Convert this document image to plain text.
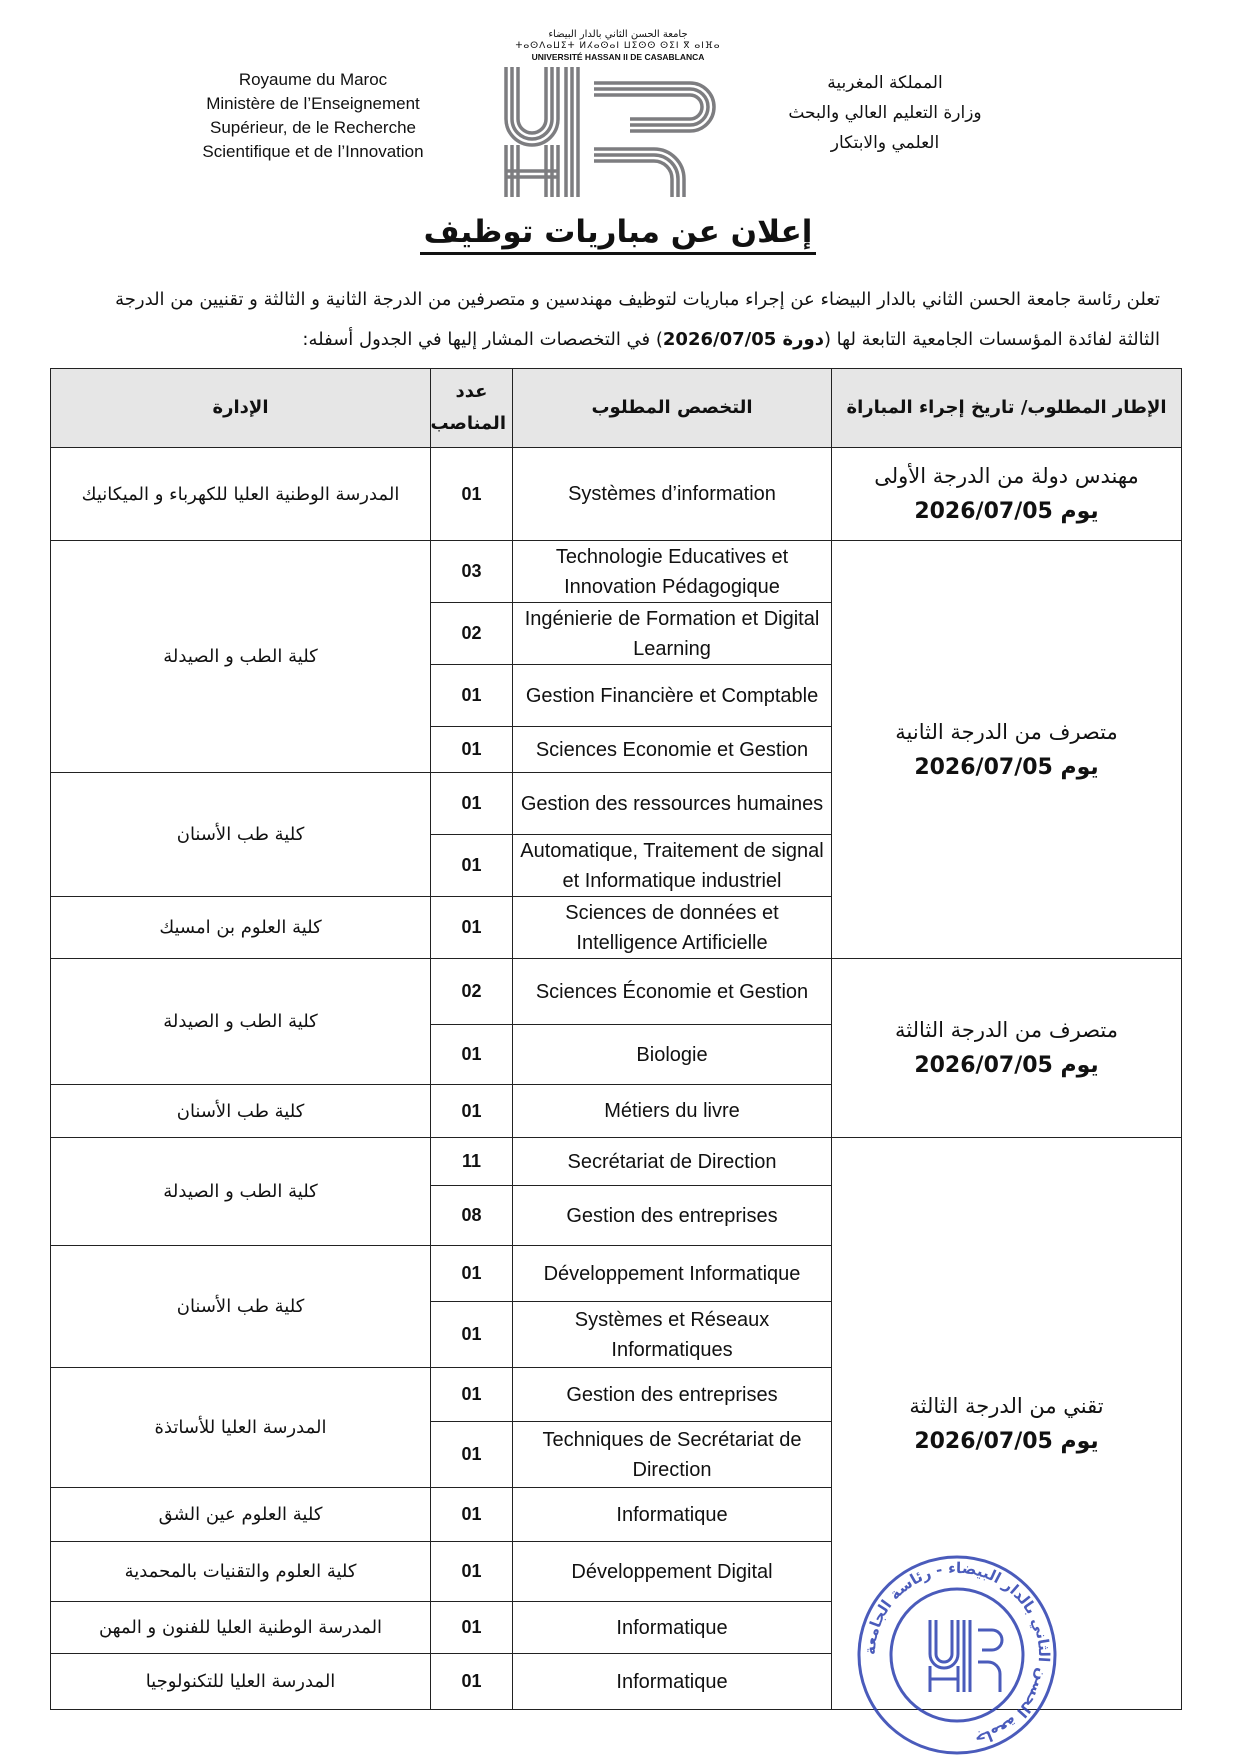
Royaume du Maroc
Ministère de l’Enseignement
Supérieur, de le Recherche
Scientifique et de l’Innovation
جامعة الحسن الثاني بالدار البيضاء
ⵜⴰⵙⴷⴰⵡⵉⵜ ⵍⵃⴰⵙⴰⵏ ⵡⵉⵙⵙ ⵙⵉⵏ ⴳ ⴰⵏⴼⴰ
UNIVERSITÉ HASSAN II DE CASABLANCA
المملكة المغربية
وزارة التعليم العالي والبحث
العلمي والابتكار
إعلان عن مباريات توظيف
تعلن رئاسة جامعة الحسن الثاني بالدار البيضاء عن إجراء مباريات لتوظيف مهندسين و متصرفين من الدرجة الثانية و الثالثة و تقنيين من الدرجة الثالثة لفائدة المؤسسات الجامعية التابعة لها (دورة 2026/07/05) في التخصصات المشار إليها في الجدول أسفله:
الإدارة	عدد المناصب	التخصص المطلوب	الإطار المطلوب/ تاريخ إجراء المباراة
المدرسة الوطنية العليا للكهرباء و الميكانيك	01	Systèmes d’information	مهندس دولة من الدرجة الأولى
يوم 2026/07/05

كلية الطب و الصيدلة	03	Technologie Educatives et Innovation Pédagogique	متصرف من الدرجة الثانية
يوم 2026/07/05

	02	Ingénierie de Formation et Digital Learning	
	01	Gestion Financière et Comptable	
	01	Sciences Economie et Gestion	
كلية طب الأسنان	01	Gestion des ressources humaines	
	01	Automatique, Traitement de signal et Informatique industriel	
كلية العلوم بن امسيك	01	Sciences de données et Intelligence Artificielle	
كلية الطب و الصيدلة	02	Sciences Économie et Gestion	متصرف من الدرجة الثالثة
يوم 2026/07/05

	01	Biologie	
كلية طب الأسنان	01	Métiers du livre	
كلية الطب و الصيدلة	11	Secrétariat de Direction	تقني من الدرجة الثالثة
يوم 2026/07/05

	08	Gestion des entreprises	
كلية طب الأسنان	01	Développement Informatique	
	01	Systèmes et Réseaux Informatiques	
المدرسة العليا للأساتذة	01	Gestion des entreprises	
	01	Techniques de Secrétariat de Direction	
كلية العلوم عين الشق	01	Informatique	
كلية العلوم والتقنيات بالمحمدية	01	Développement Digital	
المدرسة الوطنية العليا للفنون و المهن	01	Informatique	
المدرسة العليا للتكنولوجيا	01	Informatique	
جامعة الحسن الثاني بالدار البيضاء - رئاسة الجامعة
